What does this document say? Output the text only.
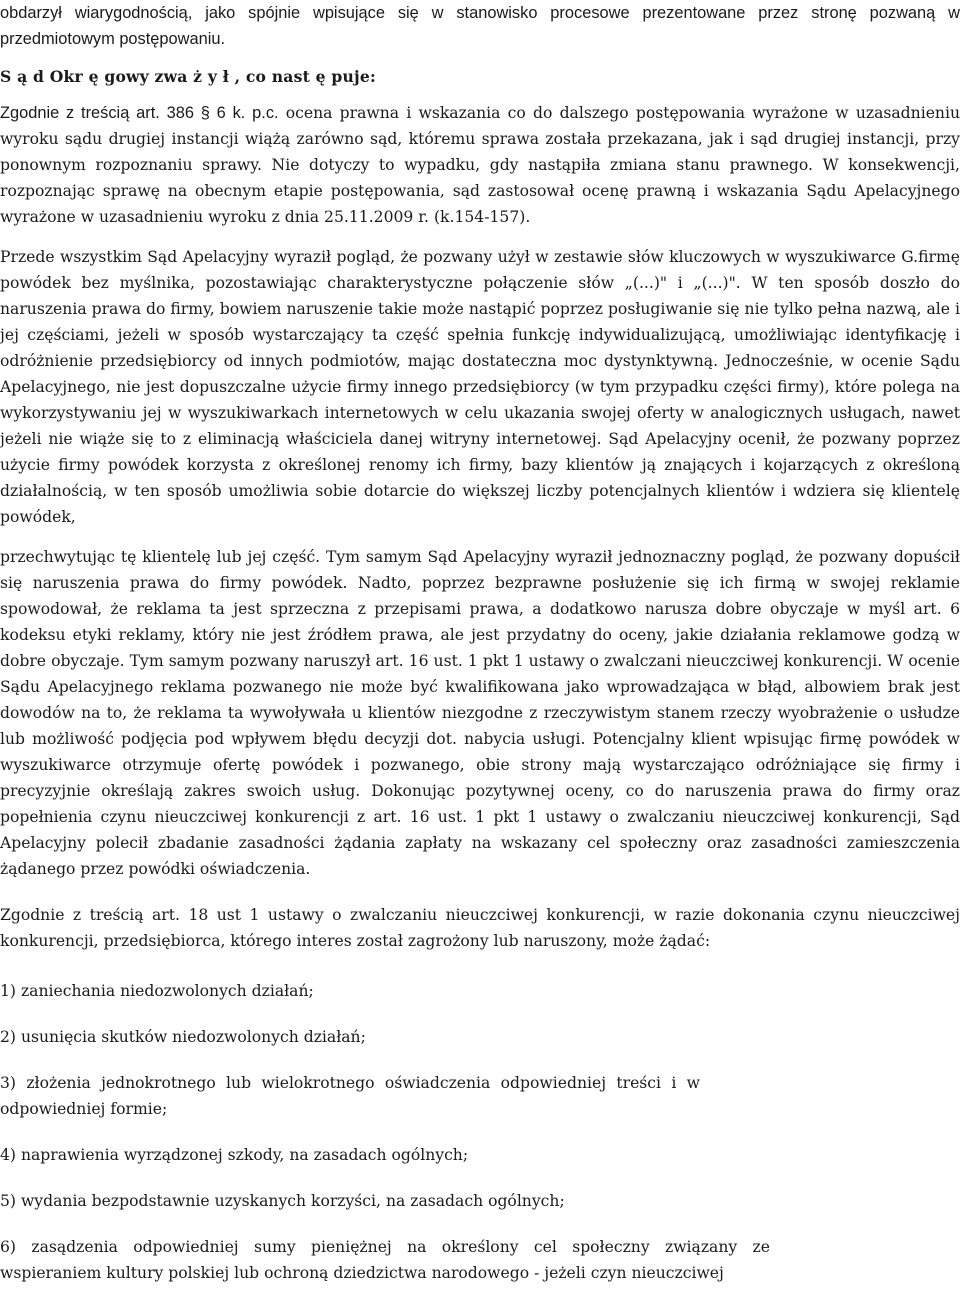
obdarzył wiarygodnością, jako spójnie wpisujące się w stanowisko procesowe prezentowane przez stronę pozwaną w przedmiotowym postępowaniu.

S ą d Okr ę gowy zwa ż y ł , co nast ę puje:

Zgodnie z treścią art. 386 § 6 k. p.c. ocena prawna i wskazania co do dalszego postępowania wyrażone w uzasadnieniu wyroku sądu drugiej instancji wiążą zarówno sąd, któremu sprawa została przekazana, jak i sąd drugiej instancji, przy ponownym rozpoznaniu sprawy. Nie dotyczy to wypadku, gdy nastąpiła zmiana stanu prawnego. W konsekwencji, rozpoznając sprawę na obecnym etapie postępowania, sąd zastosował ocenę prawną i wskazania Sądu Apelacyjnego wyrażone w uzasadnieniu wyroku z dnia 25.11.2009 r. (k.154-157).

Przede wszystkim Sąd Apelacyjny wyraził pogląd, że pozwany użył w zestawie słów kluczowych w wyszukiwarce G.firmę powódek bez myślnika, pozostawiając charakterystyczne połączenie słów „(...)" i „(...)". W ten sposób doszło do naruszenia prawa do firmy, bowiem naruszenie takie może nastąpić poprzez posługiwanie się nie tylko pełna nazwą, ale i jej częściami, jeżeli w sposób wystarczający ta część spełnia funkcję indywidualizującą, umożliwiając identyfikację i odróżnienie przedsiębiorcy od innych podmiotów, mając dostateczna moc dystynktywną. Jednocześnie, w ocenie Sądu Apelacyjnego, nie jest dopuszczalne użycie firmy innego przedsiębiorcy (w tym przypadku części firmy), które polega na wykorzystywaniu jej w wyszukiwarkach internetowych w celu ukazania swojej oferty w analogicznych usługach, nawet jeżeli nie wiąże się to z eliminacją właściciela danej witryny internetowej. Sąd Apelacyjny ocenił, że pozwany poprzez użycie firmy powódek korzysta z określonej renomy ich firmy, bazy klientów ją znających i kojarzących z określoną działalnością, w ten sposób umożliwia sobie dotarcie do większej liczby potencjalnych klientów i wdziera się klientelę powódek,

przechwytując tę klientelę lub jej część. Tym samym Sąd Apelacyjny wyraził jednoznaczny pogląd, że pozwany dopuścił się naruszenia prawa do firmy powódek. Nadto, poprzez bezprawne posłużenie się ich firmą w swojej reklamie spowodował, że reklama ta jest sprzeczna z przepisami prawa, a dodatkowo narusza dobre obyczaje w myśl art. 6 kodeksu etyki reklamy, który nie jest źródłem prawa, ale jest przydatny do oceny, jakie działania reklamowe godzą w dobre obyczaje. Tym samym pozwany naruszył art. 16 ust. 1 pkt 1 ustawy o zwalczani nieuczciwej konkurencji. W ocenie Sądu Apelacyjnego reklama pozwanego nie może być kwalifikowana jako wprowadzająca w błąd, albowiem brak jest dowodów na to, że reklama ta wywoływała u klientów niezgodne z rzeczywistym stanem rzeczy wyobrażenie o usłudze lub możliwość podjęcia pod wpływem błędu decyzji dot. nabycia usługi. Potencjalny klient wpisując firmę powódek w wyszukiwarce otrzymuje ofertę powódek i pozwanego, obie strony mają wystarczająco odróżniające się firmy i precyzyjnie określają zakres swoich usług. Dokonując pozytywnej oceny, co do naruszenia prawa do firmy oraz popełnienia czynu nieuczciwej konkurencji z art. 16 ust. 1 pkt 1 ustawy o zwalczaniu nieuczciwej konkurencji, Sąd Apelacyjny polecił zbadanie zasadności żądania zapłaty na wskazany cel społeczny oraz zasadności zamieszczenia żądanego przez powódki oświadczenia.

Zgodnie z treścią art. 18 ust 1 ustawy o zwalczaniu nieuczciwej konkurencji, w razie dokonania czynu nieuczciwej konkurencji, przedsiębiorca, którego interes został zagrożony lub naruszony, może żądać:

1) zaniechania niedozwolonych działań;

2) usunięcia skutków niedozwolonych działań;

3) złożenia jednokrotnego lub wielokrotnego oświadczenia odpowiedniej treści i w odpowiedniej formie;

4) naprawienia wyrządzonej szkody, na zasadach ogólnych;

5) wydania bezpodstawnie uzyskanych korzyści, na zasadach ogólnych;

6) zasądzenia odpowiedniej sumy pieniężnej na określony cel społeczny związany ze wspieraniem kultury polskiej lub ochroną dziedzictwa narodowego - jeżeli czyn nieuczciwej
